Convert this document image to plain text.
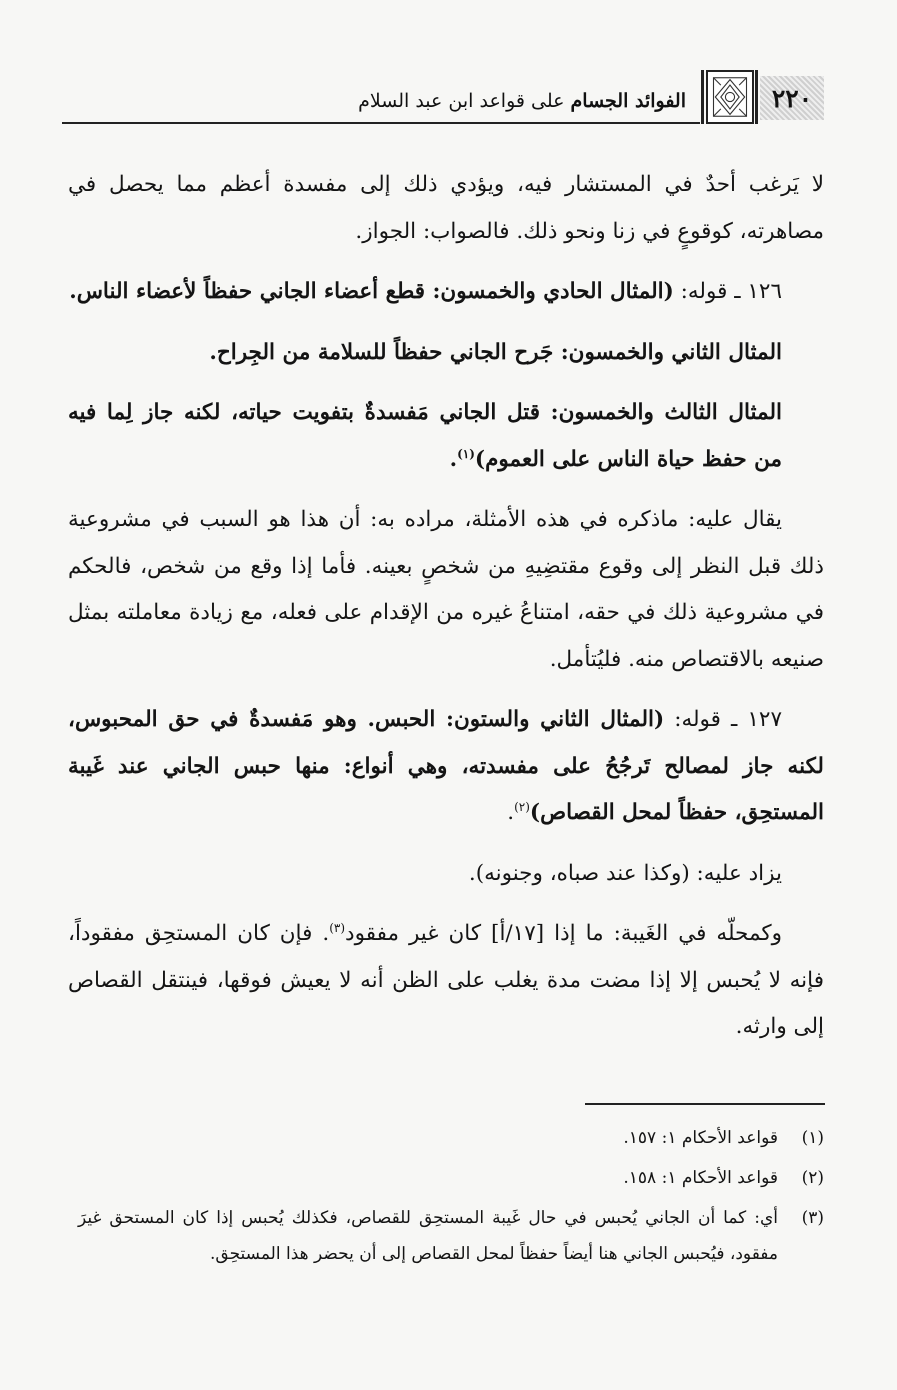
٢٢٠
الفوائد الجسام على قواعد ابن عبد السلام

لا يَرغب أحدٌ في المستشار فيه، ويؤدي ذلك إلى مفسدة أعظم مما يحصل في مصاهرته، كوقوعٍ في زنا ونحو ذلك. فالصواب: الجواز.

١٢٦ ـ قوله: (المثال الحادي والخمسون: قطع أعضاء الجاني حفظاً لأعضاء الناس.

المثال الثاني والخمسون: جَرح الجاني حفظاً للسلامة من الجِراح.

المثال الثالث والخمسون: قتل الجاني مَفسدةٌ بتفويت حياته، لكنه جاز لِما فيه من حفظ حياة الناس على العموم)$^{(١)}$.

يقال عليه: ماذكره في هذه الأمثلة، مراده به: أن هذا هو السبب في مشروعية ذلك قبل النظر إلى وقوع مقتضِيهِ من شخصٍ بعينه. فأما إذا وقع من شخص، فالحكم في مشروعية ذلك في حقه، امتناعُ غيره من الإقدام على فعله، مع زيادة معاملته بمثل صنيعه بالاقتصاص منه. فليُتأمل.

١٢٧ ـ قوله: (المثال الثاني والستون: الحبس. وهو مَفسدةٌ في حق المحبوس، لكنه جاز لمصالح تَرجُحُ على مفسدته، وهي أنواع: منها حبس الجاني عند غَيبة المستحِق، حفظاً لمحل القصاص)$^{(٢)}$.

يزاد عليه: (وكذا عند صباه، وجنونه).

وكمحلّه في الغَيبة: ما إذا [١٧/أ] كان غير مفقود$^{(٣)}$. فإن كان المستحِق مفقوداً، فإنه لا يُحبس إلا إذا مضت مدة يغلب على الظن أنه لا يعيش فوقها، فينتقل القصاص إلى وارثه.

(١)
قواعد الأحكام ١: ١٥٧.
(٢)
قواعد الأحكام ١: ١٥٨.
(٣)
أي: كما أن الجاني يُحبس في حال غَيبة المستحِق للقصاص، فكذلك يُحبس إذا كان المستحق غيرَ مفقود، فيُحبس الجاني هنا أيضاً حفظاً لمحل القصاص إلى أن يحضر هذا المستحِق.
